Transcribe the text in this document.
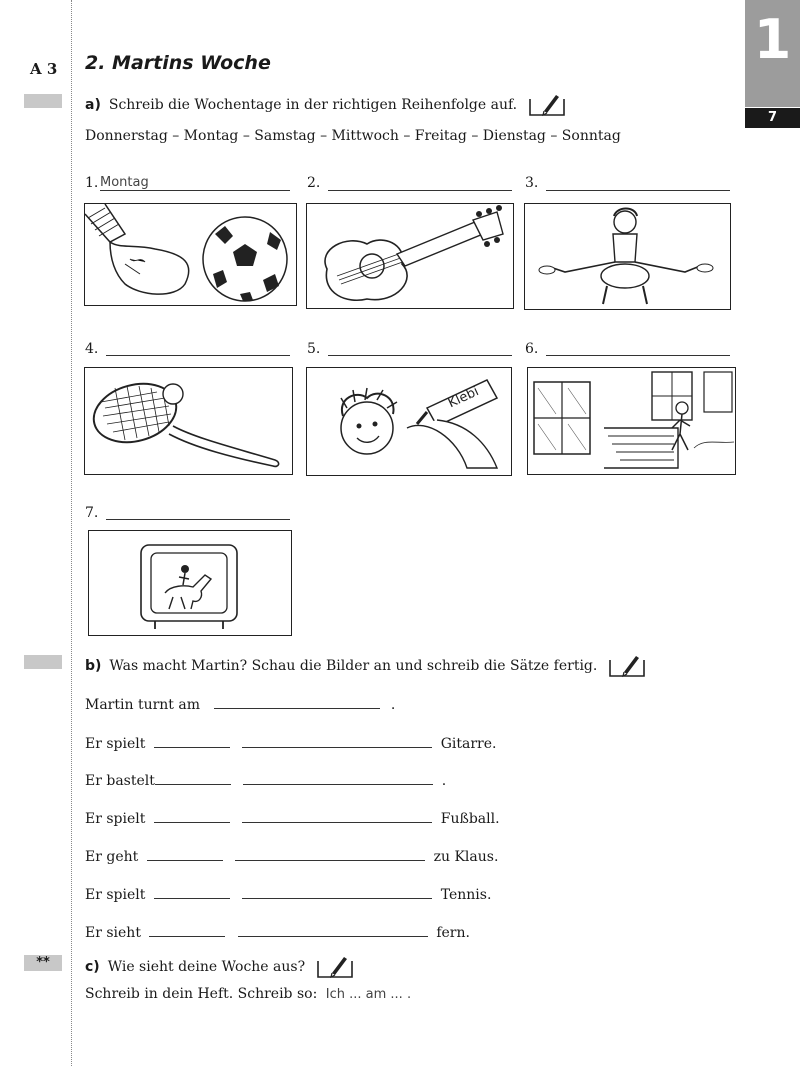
A 3
**
1
7
2. Martins Woche
a) Schreib die Wochentage in der richtigen Reihenfolge auf.
Donnerstag – Montag – Samstag – Mittwoch – Freitag – Dienstag – Sonntag
1. Montag	2.	3.
4.	5.	6.
Klebi
7.
b) Was macht Martin? Schau die Bilder an und schreib die Sätze fertig.
Martin turnt am	.
Er spielt	Gitarre.
Er bastelt	.
Er spielt	Fußball.
Er geht	zu Klaus.
Er spielt	Tennis.
Er sieht	fern.
c) Wie sieht deine Woche aus?
Schreib in dein Heft. Schreib so: Ich ... am ... .
